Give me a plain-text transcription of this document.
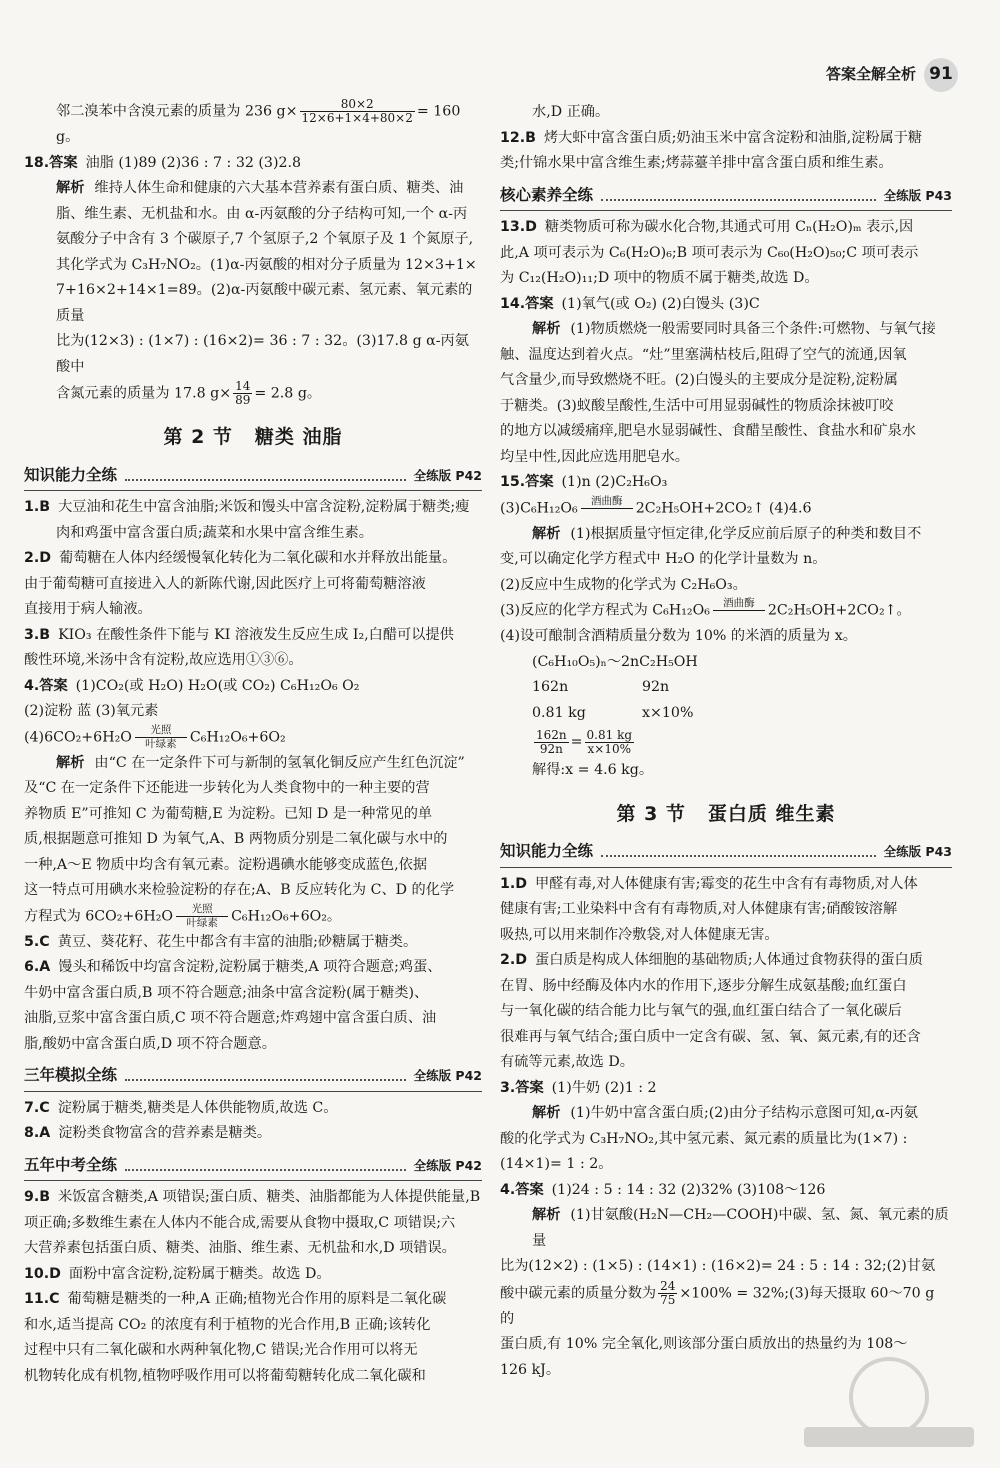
答案全解全析 91

邻二溴苯中含溴元素的质量为 236 $g\times \frac{80\times 2}{12\times 6+1\times 4+80\times 2} = 160$ g。

18.答案 油脂 (1)89 (2)36 : 7 : 32 (3)2.8

解析 维持人体生命和健康的六大基本营养素有蛋白质、糖类、油

脂、维生素、无机盐和水。由 α-丙氨酸的分子结构可知,一个 α-丙

氨酸分子中含有 3 个碳原子,7 个氢原子,2 个氧原子及 1 个氮原子,

其化学式为 C₃H₇NO₂。(1)α-丙氨酸的相对分子质量为 12×3+1×

7+16×2+14×1=89。(2)α-丙氨酸中碳元素、氢元素、氧元素的质量

比为(12×3) : (1×7) : (16×2)= 36 : 7 : 32。(3)17.8 g α-丙氨酸中

含氮元素的质量为 17.8 $g\times \frac{14}{89} = 2.8$ g。

第 2 节 糖类 油脂
知识能力全练	全练版 P42

1.B 大豆油和花生中富含油脂;米饭和馒头中富含淀粉,淀粉属于糖类;瘦

肉和鸡蛋中富含蛋白质;蔬菜和水果中富含维生素。

2.D 葡萄糖在人体内经缓慢氧化转化为二氧化碳和水并释放出能量。

由于葡萄糖可直接进入人的新陈代谢,因此医疗上可将葡萄糖溶液

直接用于病人输液。

3.B KIO₃ 在酸性条件下能与 KI 溶液发生反应生成 I₂,白醋可以提供

酸性环境,米汤中含有淀粉,故应选用①③⑥。

4.答案 (1)CO₂(或 H₂O) H₂O(或 CO₂) C₆H₁₂O₆ O₂

(2)淀粉 蓝 (3)氧元素

(4)6CO₂+6H₂O	光照
叶绿素 C₆H₁₂O₆+6O₂

解析 由“C 在一定条件下可与新制的氢氧化铜反应产生红色沉淀”

及“C 在一定条件下还能进一步转化为人类食物中的一种主要的营

养物质 E”可推知 C 为葡萄糖,E 为淀粉。已知 D 是一种常见的单

质,根据题意可推知 D 为氧气,A、B 两物质分别是二氧化碳与水中的

一种,A～E 物质中均含有氧元素。淀粉遇碘水能够变成蓝色,依据

这一特点可用碘水来检验淀粉的存在;A、B 反应转化为 C、D 的化学

方程式为 6CO₂+6H₂O	光照
叶绿素 C₆H₁₂O₆+6O₂。

5.C 黄豆、葵花籽、花生中都含有丰富的油脂;砂糖属于糖类。

6.A 馒头和稀饭中均富含淀粉,淀粉属于糖类,A 项符合题意;鸡蛋、

牛奶中富含蛋白质,B 项不符合题意;油条中富含淀粉(属于糖类)、

油脂,豆浆中富含蛋白质,C 项不符合题意;炸鸡翅中富含蛋白质、油

脂,酸奶中富含蛋白质,D 项不符合题意。

三年模拟全练	全练版 P42

7.C 淀粉属于糖类,糖类是人体供能物质,故选 C。

8.A 淀粉类食物富含的营养素是糖类。

五年中考全练	全练版 P42

9.B 米饭富含糖类,A 项错误;蛋白质、糖类、油脂都能为人体提供能量,B

项正确;多数维生素在人体内不能合成,需要从食物中摄取,C 项错误;六

大营养素包括蛋白质、糖类、油脂、维生素、无机盐和水,D 项错误。

10.D 面粉中富含淀粉,淀粉属于糖类。故选 D。

11.C 葡萄糖是糖类的一种,A 正确;植物光合作用的原料是二氧化碳

和水,适当提高 CO₂ 的浓度有利于植物的光合作用,B 正确;该转化

过程中只有二氧化碳和水两种氧化物,C 错误;光合作用可以将无

机物转化成有机物,植物呼吸作用可以将葡萄糖转化成二氧化碳和

水,D 正确。

12.B 烤大虾中富含蛋白质;奶油玉米中富含淀粉和油脂,淀粉属于糖

类;什锦水果中富含维生素;烤蒜薹羊排中富含蛋白质和维生素。

核心素养全练	全练版 P43

13.D 糖类物质可称为碳水化合物,其通式可用 Cₙ(H₂O)ₘ 表示,因

此,A 项可表示为 C₆(H₂O)₆;B 项可表示为 C₆₀(H₂O)₅₀;C 项可表示

为 C₁₂(H₂O)₁₁;D 项中的物质不属于糖类,故选 D。

14.答案 (1)氧气(或 O₂) (2)白馒头 (3)C

解析 (1)物质燃烧一般需要同时具备三个条件:可燃物、与氧气接

触、温度达到着火点。“灶”里塞满枯枝后,阻碍了空气的流通,因氧

气含量少,而导致燃烧不旺。(2)白馒头的主要成分是淀粉,淀粉属

于糖类。(3)蚁酸呈酸性,生活中可用显弱碱性的物质涂抹被叮咬

的地方以减缓痛痒,肥皂水显弱碱性、食醋呈酸性、食盐水和矿泉水

均呈中性,因此应选用肥皂水。

15.答案 (1)n (2)C₂H₆O₃

(3)C₆H₁₂O₆	酒曲酶
2C₂H₅OH+2CO₂↑ (4)4.6

解析 (1)根据质量守恒定律,化学反应前后原子的种类和数目不

变,可以确定化学方程式中 H₂O 的化学计量数为 n。

(2)反应中生成物的化学式为 C₂H₆O₃。

(3)反应的化学方程式为 C₆H₁₂O₆	酒曲酶
2C₂H₅OH+2CO₂↑。

(4)设可酿制含酒精质量分数为 10% 的米酒的质量为 x。

(C₆H₁₀O₅)ₙ～2nC₂H₅OH

162n	92n

0.81 kg	x×10%

$\frac{162n}{92n} = \frac{0.81 kg}{x\times 10\%}$

解得:x = 4.6 kg。

第 3 节 蛋白质 维生素
知识能力全练	全练版 P43

1.D 甲醛有毒,对人体健康有害;霉变的花生中含有有毒物质,对人体

健康有害;工业染料中含有有毒物质,对人体健康有害;硝酸铵溶解

吸热,可以用来制作冷敷袋,对人体健康无害。

2.D 蛋白质是构成人体细胞的基础物质;人体通过食物获得的蛋白质

在胃、肠中经酶及体内水的作用下,逐步分解生成氨基酸;血红蛋白

与一氧化碳的结合能力比与氧气的强,血红蛋白结合了一氧化碳后

很难再与氧气结合;蛋白质中一定含有碳、氢、氧、氮元素,有的还含

有硫等元素,故选 D。

3.答案 (1)牛奶 (2)1 : 2

解析 (1)牛奶中富含蛋白质;(2)由分子结构示意图可知,α-丙氨

酸的化学式为 C₃H₇NO₂,其中氢元素、氮元素的质量比为(1×7) :

(14×1)= 1 : 2。

4.答案 (1)24 : 5 : 14 : 32 (2)32% (3)108～126

解析 (1)甘氨酸(H₂N—CH₂—COOH)中碳、氢、氮、氧元素的质量

比为(12×2) : (1×5) : (14×1) : (16×2)= 24 : 5 : 14 : 32;(2)甘氨

酸中碳元素的质量分数为 $\frac{24}{75} \times 100\%$ = 32%;(3)每天摄取 60～70 g 的

蛋白质,有 10% 完全氧化,则该部分蛋白质放出的热量约为 108～

126 kJ。
